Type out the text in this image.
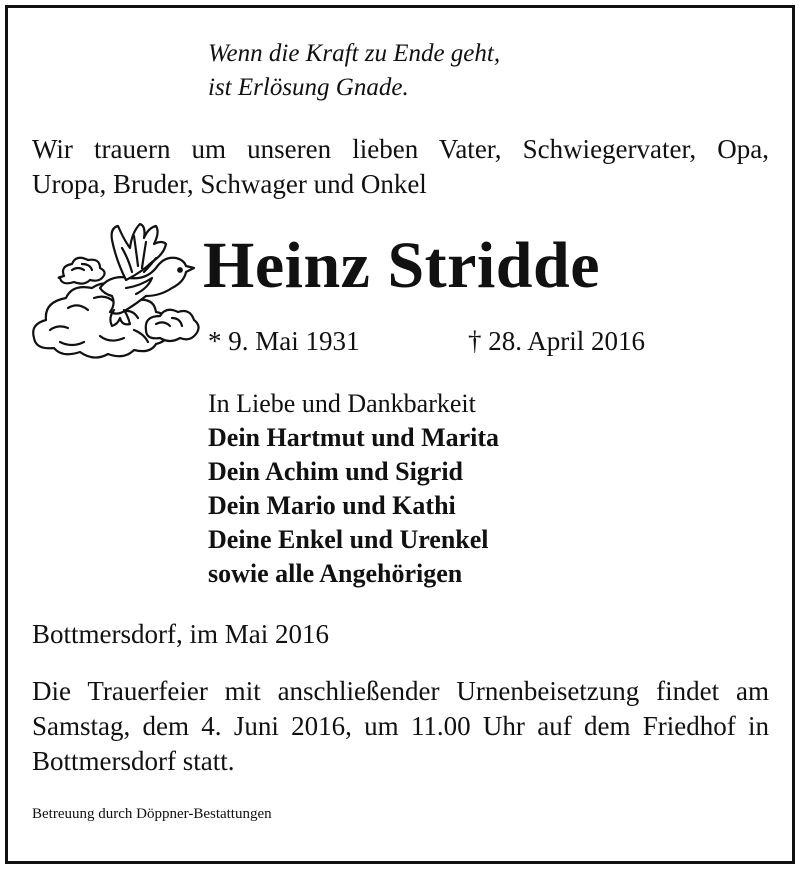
Wenn die Kraft zu Ende geht,
ist Erlösung Gnade.
Wir trauern um unseren lieben Vater, Schwiegervater, Opa,
Uropa, Bruder, Schwager und Onkel
Heinz Stridde
* 9. Mai 1931	† 28. April 2016
In Liebe und Dankbarkeit
Dein Hartmut und Marita
Dein Achim und Sigrid
Dein Mario und Kathi
Deine Enkel und Urenkel
sowie alle Angehörigen
Bottmersdorf, im Mai 2016
Die Trauerfeier mit anschließender Urnenbeisetzung findet am
Samstag, dem 4. Juni 2016, um 11.00 Uhr auf dem Friedhof in
Bottmersdorf statt.
Betreuung durch Döppner-Bestattungen
